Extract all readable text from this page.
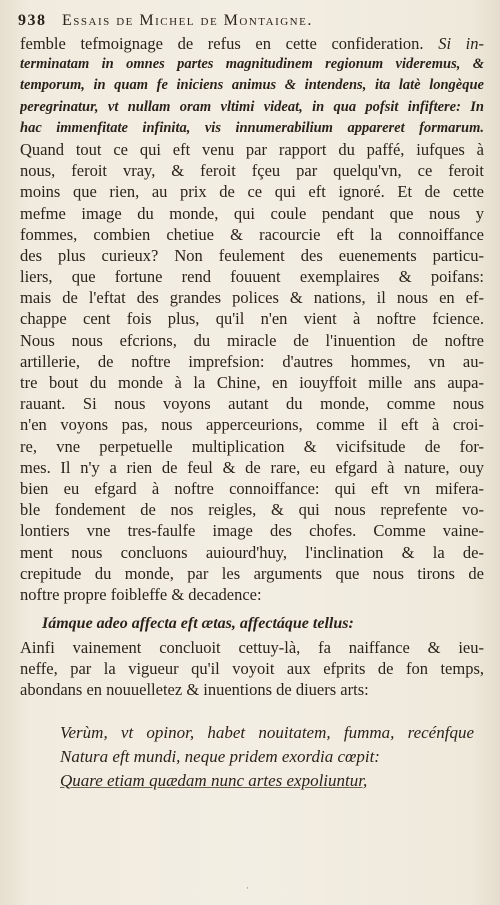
938 Essais de Michel de Montaigne.
femble tefmoignage de refus en cette confideration. Si in-
terminatam in omnes partes magnitudinem regionum videremus, &
temporum, in quam fe iniciens animus & intendens, ita latè longèque
peregrinatur, vt nullam oram vltimi videat, in qua pofsit infiftere: In
hac immenfitate infinita, vis innumerabilium appareret formarum.
Quand tout ce qui eft venu par rapport du paffé, iufques à
nous, feroit vray, & feroit fçeu par quelqu'vn, ce feroit
moins que rien, au prix de ce qui eft ignoré. Et de cette
mefme image du monde, qui coule pendant que nous y
fommes, combien chetiue & racourcie eft la connoiffance
des plus curieux? Non feulement des euenements particu-
liers, que fortune rend fouuent exemplaires & poifans:
mais de l'eftat des grandes polices & nations, il nous en ef-
chappe cent fois plus, qu'il n'en vient à noftre fcience.
Nous nous efcrions, du miracle de l'inuention de noftre
artillerie, de noftre imprefsion: d'autres hommes, vn au-
tre bout du monde à la Chine, en iouyffoit mille ans aupa-
rauant. Si nous voyons autant du monde, comme nous
n'en voyons pas, nous apperceurions, comme il eft à croi-
re, vne perpetuelle multiplication & vicifsitude de for-
mes. Il n'y a rien de feul & de rare, eu efgard à nature, ouy
bien eu efgard à noftre connoiffance: qui eft vn mifera-
ble fondement de nos reigles, & qui nous reprefente vo-
lontiers vne tres-faulfe image des chofes. Comme vaine-
ment nous concluons auiourd'huy, l'inclination & la de-
crepitude du monde, par les arguments que nous tirons de
noftre propre foibleffe & decadence:
Iámque adeo affecta eft ætas, affectáque tellus:
Ainfi vainement concluoit cettuy-là, fa naiffance & ieu-
neffe, par la vigueur qu'il voyoit aux efprits de fon temps,
abondans en nouuelletez & inuentions de diuers arts:
Verùm, vt opinor, habet nouitatem, fumma, recénfque
Natura eft mundi, neque pridem exordia cœpit:
Quare etiam quædam nunc artes expoliuntur,
·
